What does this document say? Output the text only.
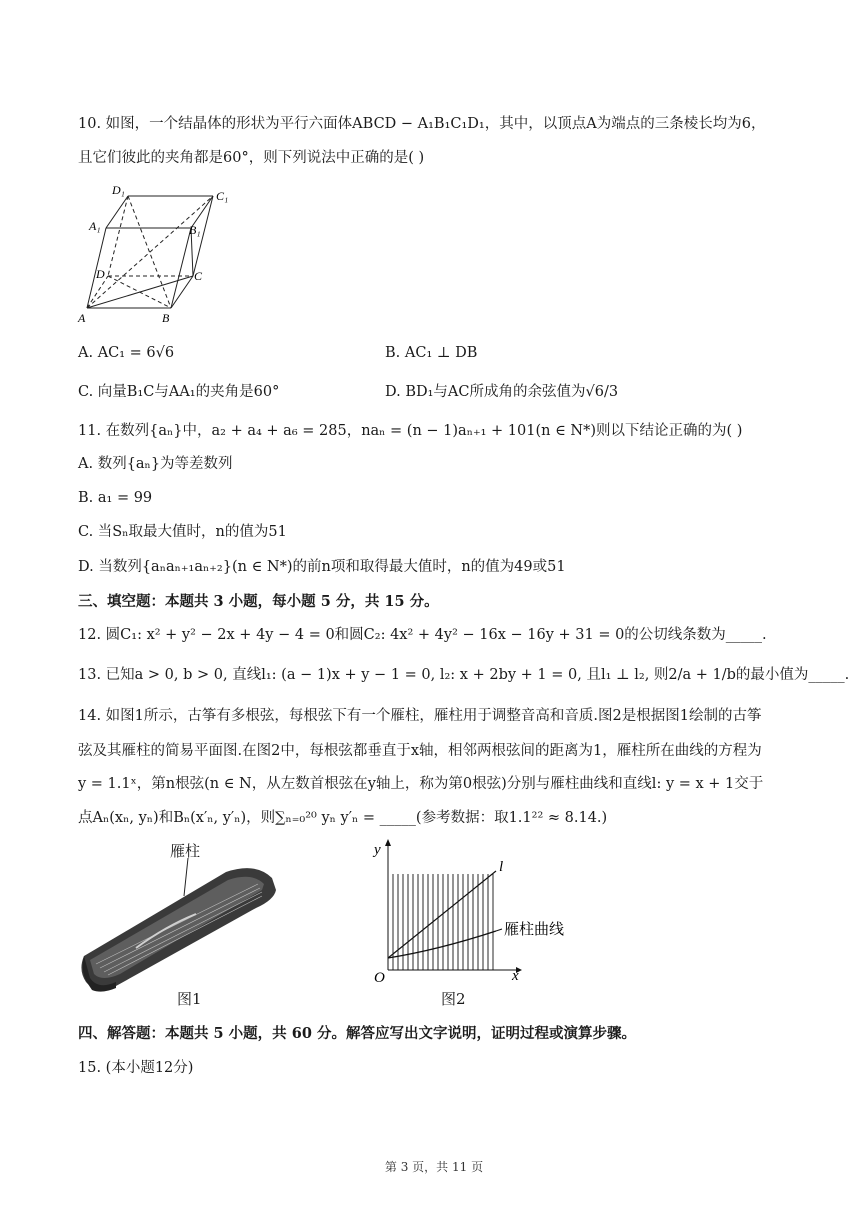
10. 如图，一个结晶体的形状为平行六面体ABCD − A₁B₁C₁D₁，其中，以顶点A为端点的三条棱长均为6，
且它们彼此的夹角都是60°，则下列说法中正确的是( )
D₁	C₁
A₁	B₁
D	C
A	B
A. AC₁ = 6√6	B. AC₁ ⊥ DB
C. 向量B₁C与AA₁的夹角是60°	D. BD₁与AC所成角的余弦值为√6/3
11. 在数列{aₙ}中，a₂ + a₄ + a₆ = 285，naₙ = (n − 1)aₙ₊₁ + 101(n ∈ N*)则以下结论正确的为( )
A. 数列{aₙ}为等差数列
B. a₁ = 99
C. 当Sₙ取最大值时，n的值为51
D. 当数列{aₙaₙ₊₁aₙ₊₂}(n ∈ N*)的前n项和取得最大值时，n的值为49或51
三、填空题：本题共 3 小题，每小题 5 分，共 15 分。
12. 圆C₁: x² + y² − 2x + 4y − 4 = 0和圆C₂: 4x² + 4y² − 16x − 16y + 31 = 0的公切线条数为_____.
13. 已知a > 0, b > 0, 直线l₁: (a − 1)x + y − 1 = 0, l₂: x + 2by + 1 = 0, 且l₁ ⊥ l₂, 则2/a + 1/b的最小值为_____.
14. 如图1所示，古筝有多根弦，每根弦下有一个雁柱，雁柱用于调整音高和音质.图2是根据图1绘制的古筝
弦及其雁柱的简易平面图.在图2中，每根弦都垂直于x轴，相邻两根弦间的距离为1，雁柱所在曲线的方程为
y = 1.1ˣ，第n根弦(n ∈ N，从左数首根弦在y轴上，称为第0根弦)分别与雁柱曲线和直线l: y = x + 1交于
点Aₙ(xₙ, yₙ)和Bₙ(x′ₙ, y′ₙ)，则∑ₙ₌₀²⁰ yₙ y′ₙ = _____(参考数据：取1.1²² ≈ 8.14.)
雁柱
图1
y
x
O
l
雁柱曲线
图2
四、解答题：本题共 5 小题，共 60 分。解答应写出文字说明，证明过程或演算步骤。
15. (本小题12分)
第 3 页，共 11 页
